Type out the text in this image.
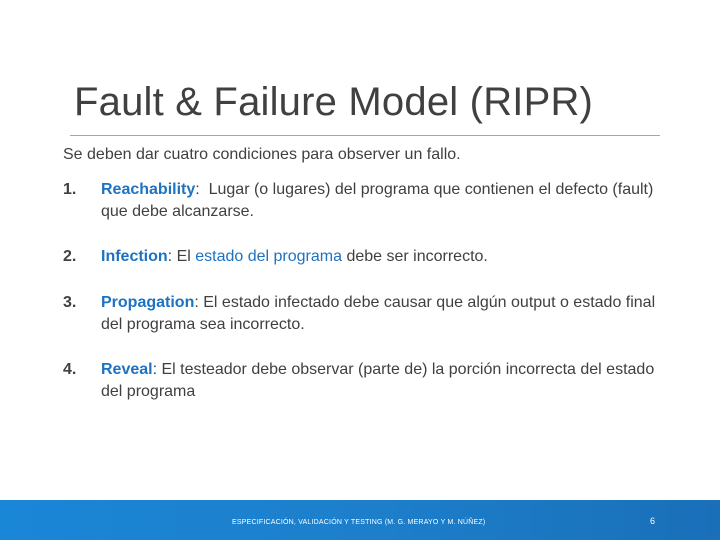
Fault & Failure Model (RIPR)
Se deben dar cuatro condiciones para observer un fallo.
1. Reachability:  Lugar (o lugares) del programa que contienen el defecto (fault) que debe alcanzarse.
2. Infection: El estado del programa debe ser incorrecto.
3. Propagation: El estado infectado debe causar que algún output o estado final del programa sea incorrecto.
4. Reveal: El testeador debe observar (parte de) la porción incorrecta del estado del programa
ESPECIFICACIÓN, VALIDACIÓN Y TESTING (M. G. MERAYO Y M. NÚÑEZ)	6
